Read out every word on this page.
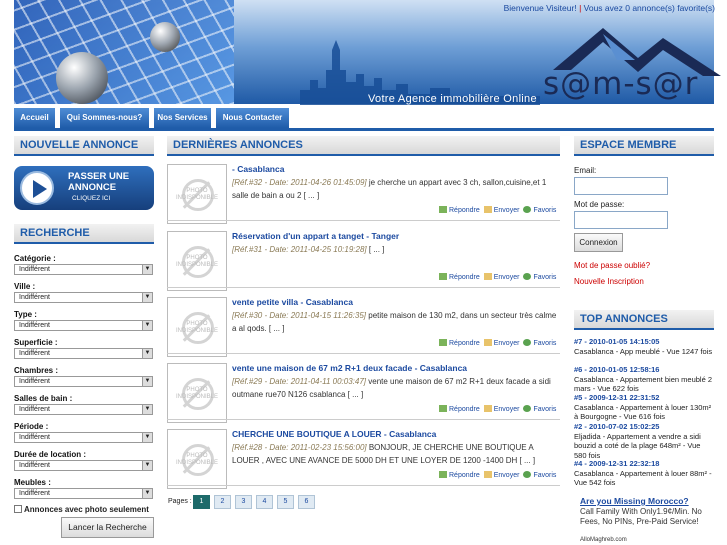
Bienvenue Visiteur! | Vous avez 0 annonce(s) favorite(s)
Votre Agence immobilière Online s@m-s@r
Accueil	Qui Sommes-nous?	Nos Services	Nous Contacter
NOUVELLE ANNONCE
PASSER UNE
ANNONCE
CLIQUEZ ICI
RECHERCHE
Catégorie :
Indifférent	▼
Ville :
Indifférent	▼
Type :
Indifférent	▼
Superficie :
Indifférent	▼
Chambres :
Indifférent	▼
Salles de bain :
Indifférent	▼
Période :
Indifférent	▼
Durée de location :
Indifférent	▼
Meubles :
Indifférent	▼
Annonces avec photo seulement
Lancer la Recherche
DERNIÈRES ANNONCES
PHOTO
INDISPONIBLE
- Casablanca
[Réf.#32 - Date: 2011-04-26 01:45:09] je cherche un appart avec 3 ch, sallon,cuisine,et 1 salle de bain a ou 2 [ ... ]
Répondre Envoyer Favoris
PHOTO
INDISPONIBLE
Réservation d'un appart a tanget - Tanger
[Réf.#31 - Date: 2011-04-25 10:19:28] [ ... ]
Répondre Envoyer Favoris
PHOTO
INDISPONIBLE
vente petite villa - Casablanca
[Réf.#30 - Date: 2011-04-15 11:26:35] petite maison de 130 m2, dans un secteur très calme a al qods. [ ... ]
Répondre Envoyer Favoris
PHOTO
INDISPONIBLE
vente une maison de 67 m2 R+1 deux facade - Casablanca
[Réf.#29 - Date: 2011-04-11 00:03:47] vente une maison de 67 m2 R+1 deux facade a sidi outmane rue70 N126 csablanca [ ... ]
Répondre Envoyer Favoris
PHOTO
INDISPONIBLE
CHERCHE UNE BOUTIQUE A LOUER - Casablanca
[Réf.#28 - Date: 2011-02-23 15:56:00] BONJOUR, JE CHERCHE UNE BOUTIQUE A LOUER , AVEC UNE AVANCE DE 5000 DH ET UNE LOYER DE 1200 -1400 DH [ ... ]
Répondre Envoyer Favoris
Pages :	1	2	3	4	5	6
ESPACE MEMBRE
Email:
Mot de passe:
Connexion
Mot de passe oublié?
Nouvelle Inscription
TOP ANNONCES
#7 - 2010-01-05 14:15:05
Casablanca - App meublé - Vue 1247 fois
#6 - 2010-01-05 12:58:16
Casablanca - Appartement bien meublé 2 mars - Vue 622 fois
#5 - 2009-12-31 22:31:52
Casablanca - Appartement à louer 130m² à Bourgogne - Vue 616 fois
#2 - 2010-07-02 15:02:25
Eljadida - Appartement a vendre a sidi bouzid a coté de la plage 648m² - Vue 580 fois
#4 - 2009-12-31 22:32:18
Casablanca - Appartement à louer 88m² - Vue 542 fois
Are you Missing Morocco?
Call Family With Only1.9¢/Min. No Fees, No PINs, Pre-Paid Service!
AlloMaghreb.com
